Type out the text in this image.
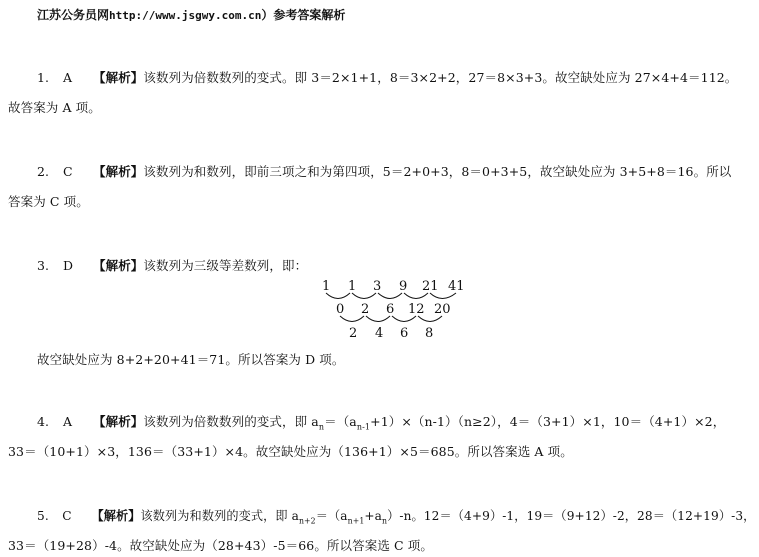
江苏公务员网http://www.jsgwy.com.cn）参考答案解析
1. A 【解析】该数列为倍数数列的变式。即 3＝2×1+1，8＝3×2+2，27＝8×3+3。故空缺处应为 27×4+4＝112。
故答案为 A 项。
2. C 【解析】该数列为和数列，即前三项之和为第四项，5＝2+0+3，8＝0+3+5，故空缺处应为 3+5+8＝16。所以
答案为 C 项。
3. D 【解析】该数列为三级等差数列，即：
1 1 3 9 21 41
0 2 6 12 20
2 4 6 8
故空缺处应为 8+2+20+41＝71。所以答案为 D 项。
4. A 【解析】该数列为倍数数列的变式，即 $a_n=(a_{n-1}+1)\times(n-1)(n\ge 2)$，4＝（3+1）×1，10＝（4+1）×2，
33＝（10+1）×3，136＝（33+1）×4。故空缺处应为（136+1）×5＝685。所以答案选 A 项。
5. C 【解析】该数列为和数列的变式，即 $a_{n+2}=(a_{n+1}+a_n)-n$。12＝（4+9）-1，19＝（9+12）-2，28＝（12+19）-3，
33＝（19+28）-4。故空缺处应为（28+43）-5＝66。所以答案选 C 项。
